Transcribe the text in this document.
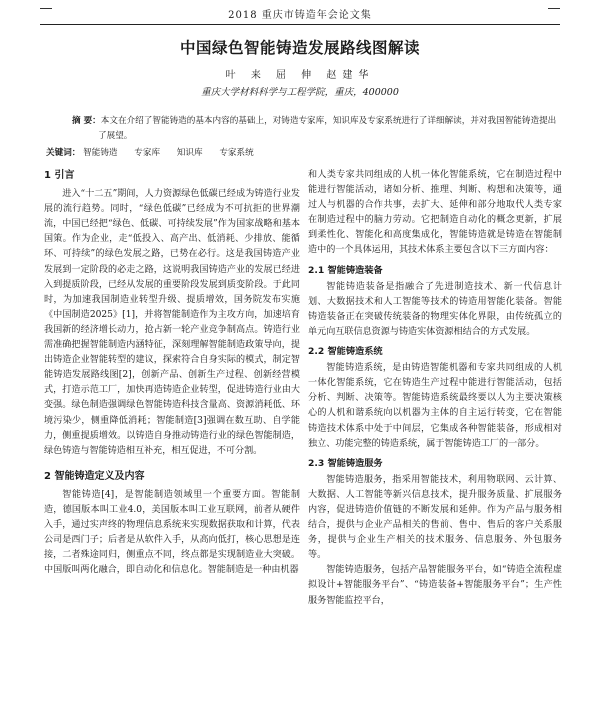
2018 重庆市铸造年会论文集
中国绿色智能铸造发展路线图解读
叶 来 屈 伸 赵建华
重庆大学材料科学与工程学院，重庆，400000
摘 要：本文在介绍了智能铸造的基本内容的基础上，对铸造专家库，知识库及专家系统进行了详细解读，并对我国智能铸造提出了展望。
关键词： 智能铸造 专家库 知识库 专家系统
1 引言

进入“十二五”期间，人力资源绿色低碳已经成为铸造行业发展的流行趋势。同时，“绿色低碳”已经成为不可抗拒的世界潮流，中国已经把“绿色、低碳、可持续发展”作为国家战略和基本国策。作为企业，走“低投入、高产出、低消耗、少排放、能循环、可持续”的绿色发展之路，已势在必行。这是我国铸造产业发展到一定阶段的必走之路，这说明我国铸造产业的发展已经进入到提质阶段，已经从发展的重要阶段发展到质变阶段。于此同时，为加速我国制造业转型升级、提质增效，国务院发布实施《中国制造2025》[1]，并将智能制造作为主攻方向，加速培育我国新的经济增长动力，抢占新一轮产业竞争制高点。铸造行业需准确把握智能制造内涵特征，深刻理解智能制造政策导向，提出铸造企业智能转型的建议，探索符合自身实际的模式，制定智能铸造发展路线图[2]，创新产品、创新生产过程、创新经营模式，打造示范工厂，加快再造铸造企业转型，促进铸造行业由大变强。绿色制造强调绿色智能铸造科技含量高、资源消耗低、环境污染少，侧重降低消耗；智能制造[3]强调在数互助、自学能力，侧重提质增效。以铸造自身推动铸造行业的绿色智能制造，绿色铸造与智能铸造相互补充，相互促进，不可分割。

2 智能铸造定义及内容

智能铸造[4]，是智能制造领域里一个重要方面。智能制造，德国版本叫工业4.0，美国版本叫工业互联网，前者从硬件入手，通过实声终的物理信息系统来实现数据获取和计算，代表公司是西门子；后者是从软件入手，从高向低打，核心思想是连接，二者殊途同归，侧重点不同，终点都是实现制造业大突破。中国版叫两化融合，即自动化和信息化。智能制造是一种由机器

和人类专家共同组成的人机一体化智能系统，它在制造过程中能进行智能活动，诸如分析、推理、判断、构想和决策等，通过人与机器的合作共事，去扩大、延伸和部分地取代人类专家在制造过程中的脑力劳动。它把制造自动化的概念更新，扩展到柔性化、智能化和高度集成化，智能铸造就是铸造在智能制造中的一个具体运用，其技术体系主要包含以下三方面内容：

2.1 智能铸造装备

智能铸造装备是指融合了先进制造技术、新一代信息计划、大数据技术和人工智能等技术的铸造用智能化装备。智能铸造装备正在突破传统装备的物理实体化界限，由传统孤立的单元向互联信息资源与铸造实体资源相结合的方式发展。

2.2 智能铸造系统

智能铸造系统，是由铸造智能机器和专家共同组成的人机一体化智能系统，它在铸造生产过程中能进行智能活动，包括分析、判断、决策等。智能铸造系统最终要以人为主要决策核心的人机和谐系统向以机器为主体的自主运行转变，它在智能铸造技术体系中处于中间层，它集成各种智能装备，形成相对独立、功能完整的铸造系统，属于智能铸造工厂的一部分。

2.3 智能铸造服务

智能铸造服务，指采用智能技术，利用物联网、云计算、大数据、人工智能等新兴信息技术，提升服务质量、扩展服务内容，促进铸造价值链的不断发展和延伸。作为产品与服务相结合，提供与企业产品相关的售前、售中、售后的客户关系服务，提供与企业生产相关的技术服务、信息服务、外包服务等。

智能铸造服务，包括产品智能服务平台，如“铸造全流程虚拟设计+智能服务平台”、“铸造装备+智能服务平台”；生产性服务智能监控平台，
